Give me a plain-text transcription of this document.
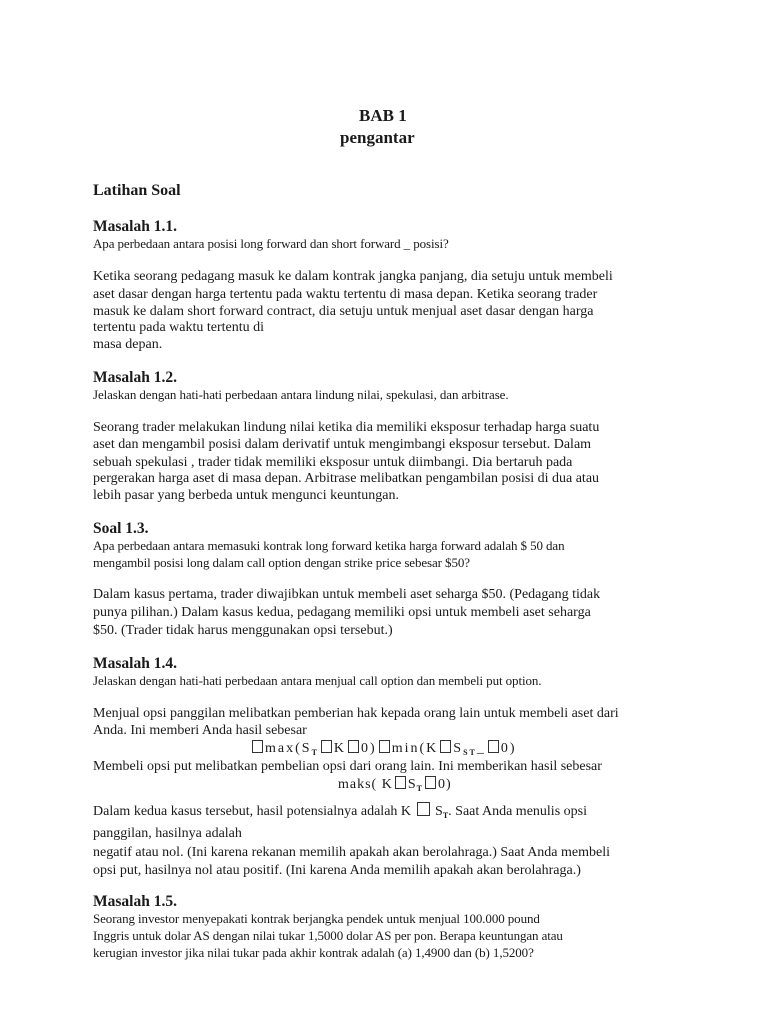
BAB 1
pengantar
Latihan Soal
Masalah 1.1.
Apa perbedaan antara posisi long forward dan short forward _ posisi?
Ketika seorang pedagang masuk ke dalam kontrak jangka panjang, dia setuju untuk membeli
aset dasar dengan harga tertentu pada waktu tertentu di masa depan. Ketika seorang trader
masuk ke dalam short forward contract, dia setuju untuk menjual aset dasar dengan harga
tertentu pada waktu tertentu di
masa depan.
Masalah 1.2.
Jelaskan dengan hati-hati perbedaan antara lindung nilai, spekulasi, dan arbitrase.
Seorang trader melakukan lindung nilai ketika dia memiliki eksposur terhadap harga suatu
aset dan mengambil posisi dalam derivatif untuk mengimbangi eksposur tersebut. Dalam
sebuah spekulasi , trader tidak memiliki eksposur untuk diimbangi. Dia bertaruh pada
pergerakan harga aset di masa depan. Arbitrase melibatkan pengambilan posisi di dua atau
lebih pasar yang berbeda untuk mengunci keuntungan.
Soal 1.3.
Apa perbedaan antara memasuki kontrak long forward ketika harga forward adalah $ 50 dan
mengambil posisi long dalam call option dengan strike price sebesar $50?
Dalam kasus pertama, trader diwajibkan untuk membeli aset seharga $50. (Pedagang tidak
punya pilihan.) Dalam kasus kedua, pedagang memiliki opsi untuk membeli aset seharga
$50. (Trader tidak harus menggunakan opsi tersebut.)
Masalah 1.4.
Jelaskan dengan hati-hati perbedaan antara menjual call option dan membeli put option.
Menjual opsi panggilan melibatkan pemberian hak kepada orang lain untuk membeli aset dari
Anda. Ini memberi Anda hasil sebesar
$\max(S_T$ K 0) min(K $S_{ST}\_$ 0)
Membeli opsi put melibatkan pembelian opsi dari orang lain. Ini memberikan hasil sebesar
maks( K $S_T$ 0)
Dalam kedua kasus tersebut, hasil potensialnya adalah K  $S_T$. Saat Anda menulis opsi
panggilan, hasilnya adalah
negatif atau nol. (Ini karena rekanan memilih apakah akan berolahraga.) Saat Anda membeli
opsi put, hasilnya nol atau positif. (Ini karena Anda memilih apakah akan berolahraga.)
Masalah 1.5.
Seorang investor menyepakati kontrak berjangka pendek untuk menjual 100.000 pound
Inggris untuk dolar AS dengan nilai tukar 1,5000 dolar AS per pon. Berapa keuntungan atau
kerugian investor jika nilai tukar pada akhir kontrak adalah (a) 1,4900 dan (b) 1,5200?
